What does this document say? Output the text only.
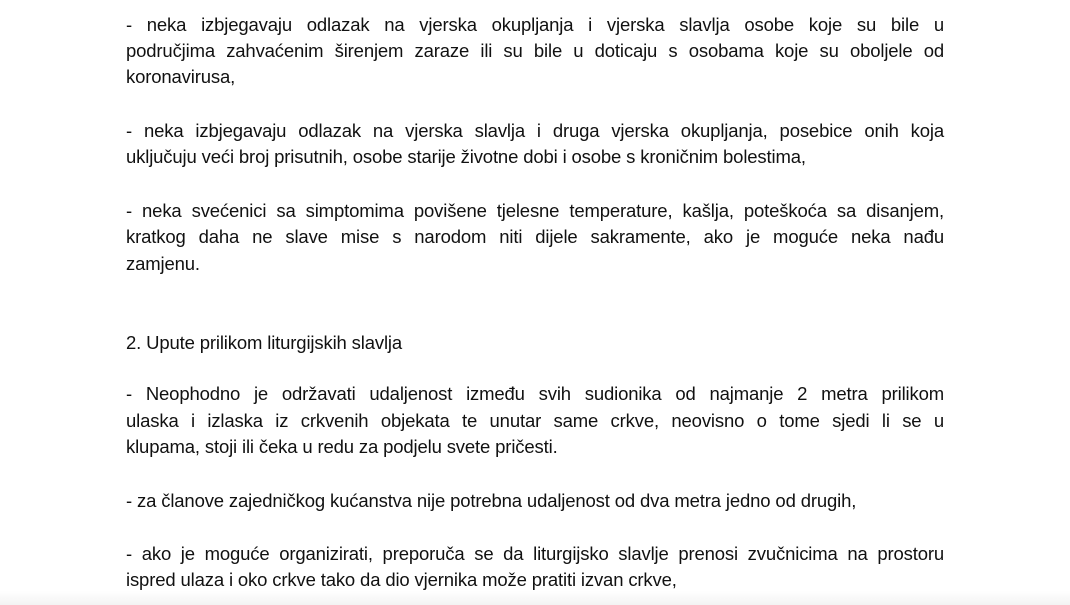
- neka izbjegavaju odlazak na vjerska okupljanja i vjerska slavlja osobe koje su bile u
područjima zahvaćenim širenjem zaraze ili su bile u doticaju s osobama koje su oboljele od
koronavirusa,
- neka izbjegavaju odlazak na vjerska slavlja i druga vjerska okupljanja, posebice onih koja
uključuju veći broj prisutnih, osobe starije životne dobi i osobe s kroničnim bolestima,
- neka svećenici sa simptomima povišene tjelesne temperature, kašlja, poteškoća sa disanjem,
kratkog daha ne slave mise s narodom niti dijele sakramente, ako je moguće neka nađu
zamjenu.
2. Upute prilikom liturgijskih slavlja
- Neophodno je održavati udaljenost između svih sudionika od najmanje 2 metra prilikom
ulaska i izlaska iz crkvenih objekata te unutar same crkve, neovisno o tome sjedi li se u
klupama, stoji ili čeka u redu za podjelu svete pričesti.
- za članove zajedničkog kućanstva nije potrebna udaljenost od dva metra jedno od drugih,
- ako je moguće organizirati, preporuča se da liturgijsko slavlje prenosi zvučnicima na prostoru
ispred ulaza i oko crkve tako da dio vjernika može pratiti izvan crkve,
